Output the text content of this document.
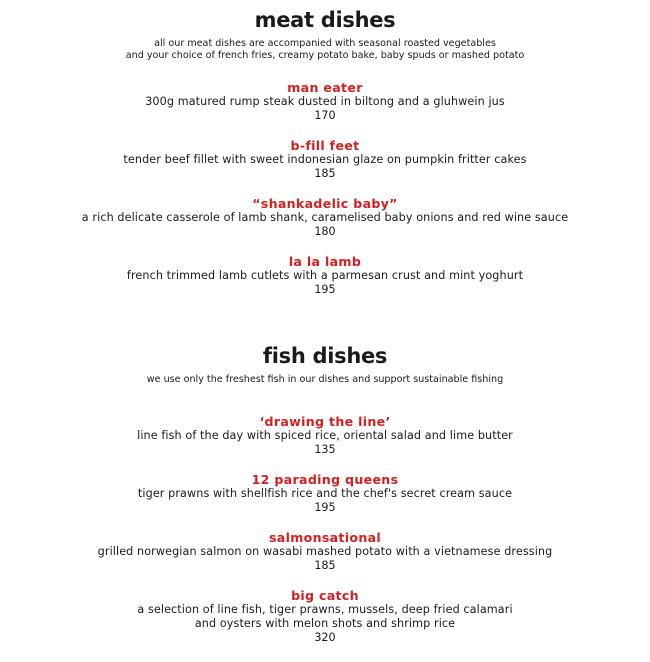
meat dishes

all our meat dishes are accompanied with seasonal roasted vegetables

and your choice of french fries, creamy potato bake, baby spuds or mashed potato

man eater
300g matured rump steak dusted in biltong and a gluhwein jus
170
b-fill feet
tender beef fillet with sweet indonesian glaze on pumpkin fritter cakes
185
“shankadelic baby”
a rich delicate casserole of lamb shank, caramelised baby onions and red wine sauce
180
la la lamb
french trimmed lamb cutlets with a parmesan crust and mint yoghurt
195
fish dishes

we use only the freshest fish in our dishes and support sustainable fishing

‘drawing the line’
line fish of the day with spiced rice, oriental salad and lime butter
135
12 parading queens
tiger prawns with shellfish rice and the chef's secret cream sauce
195
salmonsational
grilled norwegian salmon on wasabi mashed potato with a vietnamese dressing
185
big catch
a selection of line fish, tiger prawns, mussels, deep fried calamari
and oysters with melon shots and shrimp rice
320
